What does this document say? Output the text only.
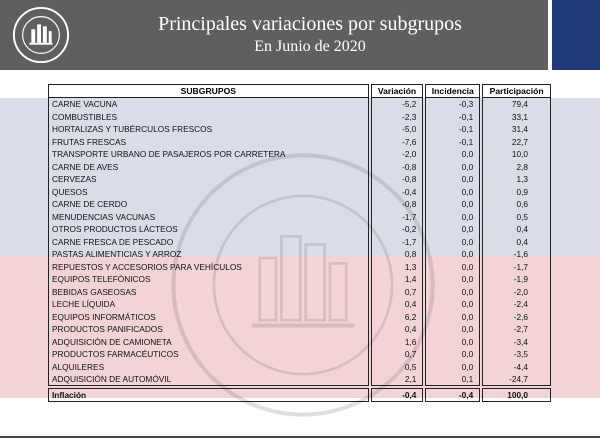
Principales variaciones por subgrupos
En Junio de 2020
SUBGRUPOS	Variación	Incidencia	Participación
CARNE VACUNA	-5,2	-0,3	79,4
COMBUSTIBLES	-2,3	-0,1	33,1
HORTALIZAS Y TUBÉRCULOS FRESCOS	-5,0	-0,1	31,4
FRUTAS FRESCAS	-7,6	-0,1	22,7
TRANSPORTE URBANO DE PASAJEROS POR CARRETERA	-2,0	0,0	10,0
CARNE DE AVES	-0,8	0,0	2,8
CERVEZAS	-0,8	0,0	1,3
QUESOS	-0,4	0,0	0,9
CARNE DE CERDO	-0,8	0,0	0,6
MENUDENCIAS VACUNAS	-1,7	0,0	0,5
OTROS PRODUCTOS LÁCTEOS	-0,2	0,0	0,4
CARNE FRESCA DE PESCADO	-1,7	0,0	0,4
PASTAS ALIMENTICIAS Y ARROZ	0,8	0,0	-1,6
REPUESTOS Y ACCESORIOS PARA VEHÍCULOS	1,3	0,0	-1,7
EQUIPOS TELEFÓNICOS	1,4	0,0	-1,9
BEBIDAS GASEOSAS	0,7	0,0	-2,0
LECHE LÍQUIDA	0,4	0,0	-2,4
EQUIPOS INFORMÁTICOS	6,2	0,0	-2,6
PRODUCTOS PANIFICADOS	0,4	0,0	-2,7
ADQUISICIÓN DE CAMIONETA	1,6	0,0	-3,4
PRODUCTOS FARMACÉUTICOS	0,7	0,0	-3,5
ALQUILERES	0,5	0,0	-4,4
ADQUISICIÓN DE AUTOMÓVIL	2,1	0,1	-24,7

Inflación	-0,4	-0,4	100,0
